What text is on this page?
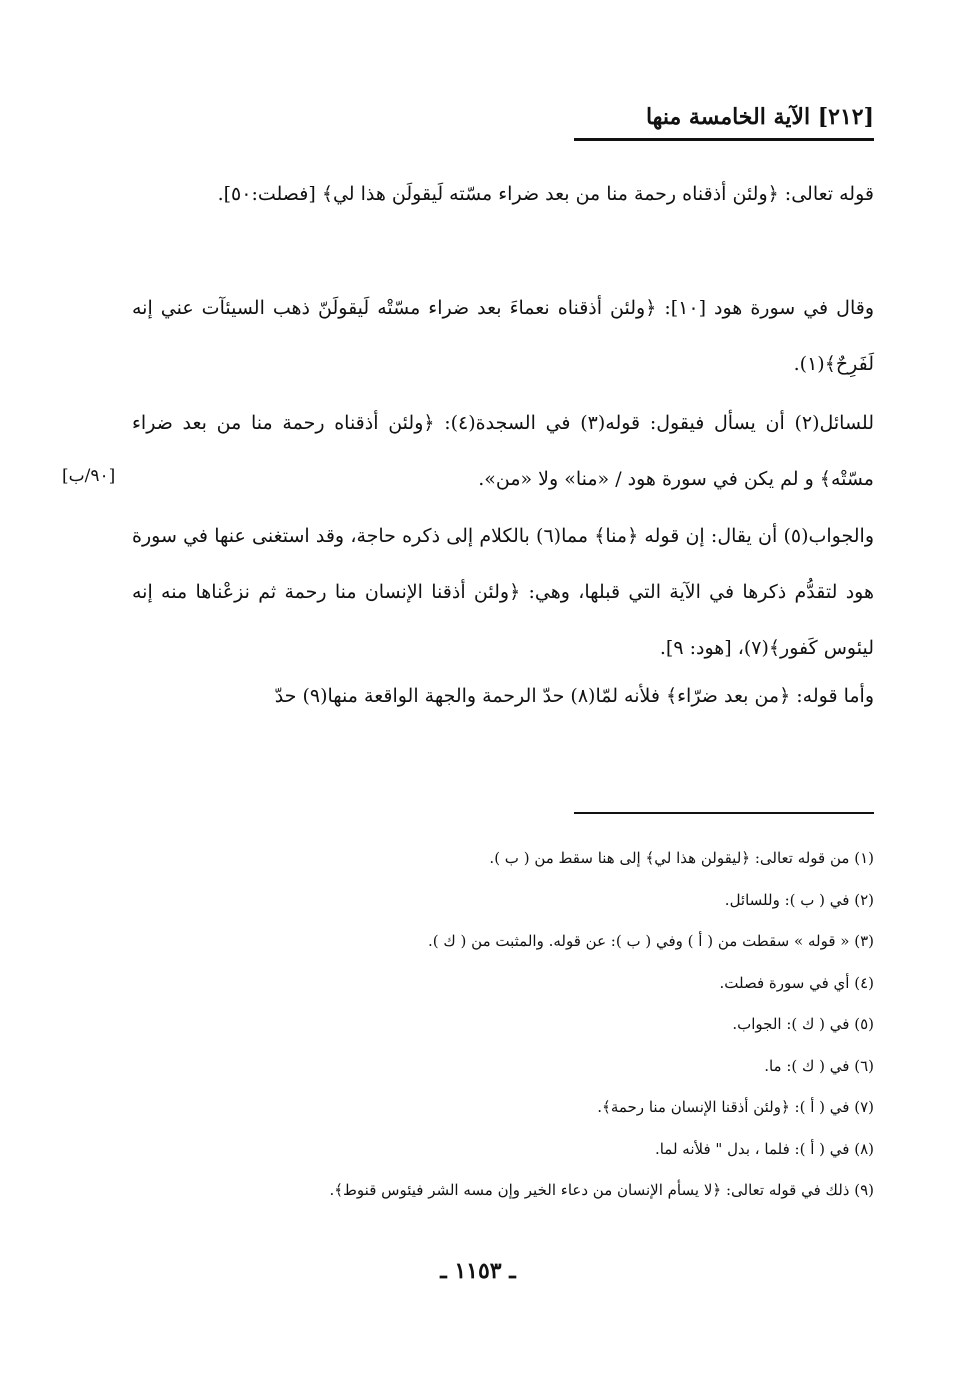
[٢١٢] الآية الخامسة منها
قوله تعالى: ﴿ولئن أذقناه رحمة منا من بعد ضراء مسّته لَيقولَن هذا لي﴾ [فصلت:٥٠].
وقال في سورة هود [١٠]: ﴿ولئن أذقناه نعماءَ بعد ضراء مسّتْه لَيقولَنّ ذهب السيئآت عني إنه لَفَرِحٌ﴾(١).
للسائل(٢) أن يسأل فيقول: قوله(٣) في السجدة(٤): ﴿ولئن أذقناه رحمة منا من بعد ضراء مسّتْه﴾ و لم يكن في سورة هود / «منا» ولا «من».
[٩٠/ب]
والجواب(٥) أن يقال: إن قوله ﴿منا﴾ مما(٦) بالكلام إلى ذكره حاجة، وقد استغنى عنها في سورة هود لتقدُّم ذكرها في الآية التي قبلها، وهي: ﴿ولئن أذقنا الإنسان منا رحمة ثم نزعْناها منه إنه ليئوس كَفور﴾(٧)، [هود: ٩].
وأما قوله: ﴿من بعد ضرّاء﴾ فلأنه لمّا(٨) حدّ الرحمة والجهة الواقعة منها(٩) حدّ
(١) من قوله تعالى: ﴿ليقولن هذا لي﴾ إلى هنا سقط من ( ب ).
(٢) في ( ب ): وللسائل.
(٣) « قوله » سقطت من ( أ ) وفي ( ب ): عن قوله. والمثبت من ( ك ).
(٤) أي في سورة فصلت.
(٥) في ( ك ): الجواب.
(٦) في ( ك ): ما.
(٧) في ( أ ): ﴿ولئن أذقنا الإنسان منا رحمة﴾.
(٨) في ( أ ): فلما ، بدل " فلأنه لما.
(٩) ذلك في قوله تعالى: ﴿لا يسأم الإنسان من دعاء الخير وإن مسه الشر فيئوس قنوط﴾.
ـ ١١٥٣ ـ
